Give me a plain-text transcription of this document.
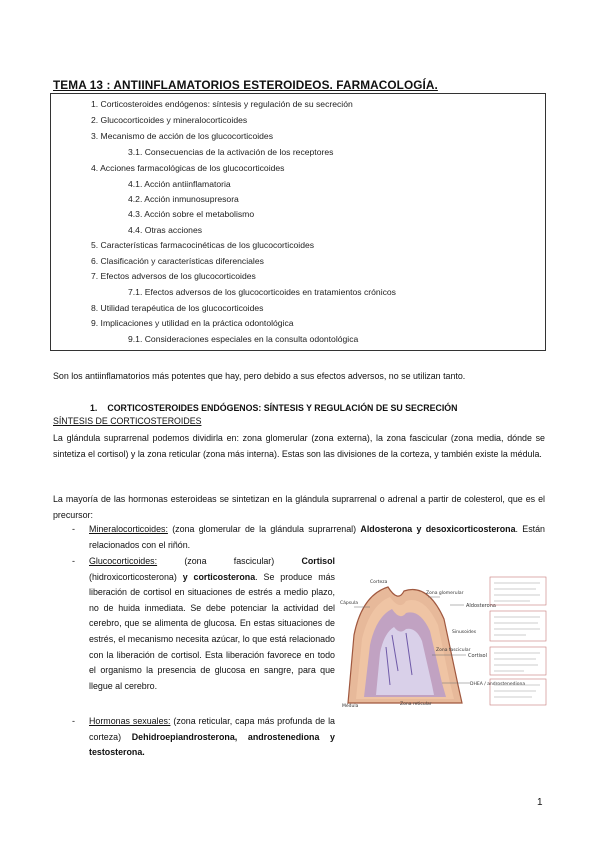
TEMA 13 : ANTIINFLAMATORIOS ESTEROIDEOS. FARMACOLOGÍA.
1. Corticosteroides endógenos: síntesis y regulación de su secreción
2. Glucocorticoides y mineralocorticoides
3. Mecanismo de acción de los glucocorticoides
3.1. Consecuencias de la activación de los receptores
4. Acciones farmacológicas de los glucocorticoides
4.1. Acción antiinflamatoria
4.2. Acción inmunosupresora
4.3. Acción sobre el metabolismo
4.4. Otras acciones
5. Características farmacocinéticas de los glucocorticoides
6. Clasificación y características diferenciales
7. Efectos adversos de los glucocorticoides
7.1. Efectos adversos de los glucocorticoides en tratamientos crónicos
8. Utilidad terapéutica de los glucocorticoides
9. Implicaciones y utilidad en la práctica odontológica
9.1. Consideraciones especiales en la consulta odontológica
Son los antiinflamatorios más potentes que hay, pero debido a sus efectos adversos, no se utilizan tanto.
1. CORTICOSTEROIDES ENDÓGENOS: SÍNTESIS Y REGULACIÓN DE SU SECRECIÓN
SÍNTESIS DE CORTICOSTEROIDES
La glándula suprarrenal podemos dividirla en: zona glomerular (zona externa), la zona fascicular (zona media, dónde se sintetiza el cortisol) y la zona reticular (zona más interna). Estas son las divisiones de la corteza, y también existe la médula.
La mayoría de las hormonas esteroideas se sintetizan en la glándula suprarrenal o adrenal a partir de colesterol, que es el precursor:
- Mineralocorticoides: (zona glomerular de la glándula suprarrenal) Aldosterona y desoxicorticosterona. Están relacionados con el riñón.
- Glucocorticoides: (zona fascicular) Cortisol (hidroxicorticosterona) y corticosterona. Se produce más liberación de cortisol en situaciones de estrés a medio plazo, no de huida inmediata. Se debe potenciar la actividad del cerebro, que se alimenta de glucosa. En estas situaciones de estrés, el mecanismo necesita azúcar, lo que está relacionado con la liberación de cortisol. Esta liberación favorece en todo el organismo la presencia de glucosa en sangre, para que llegue al cerebro.
- Hormonas sexuales: (zona reticular, capa más profunda de la corteza) Dehidroepiandrosterona, androstenediona y testosterona.
Cápsula
Zona glomerular
Zona fascicular
Zona reticular
Médula
Aldosterona
Cortisol
DHEA / androstenediona
Corteza
Sinusoides
1
